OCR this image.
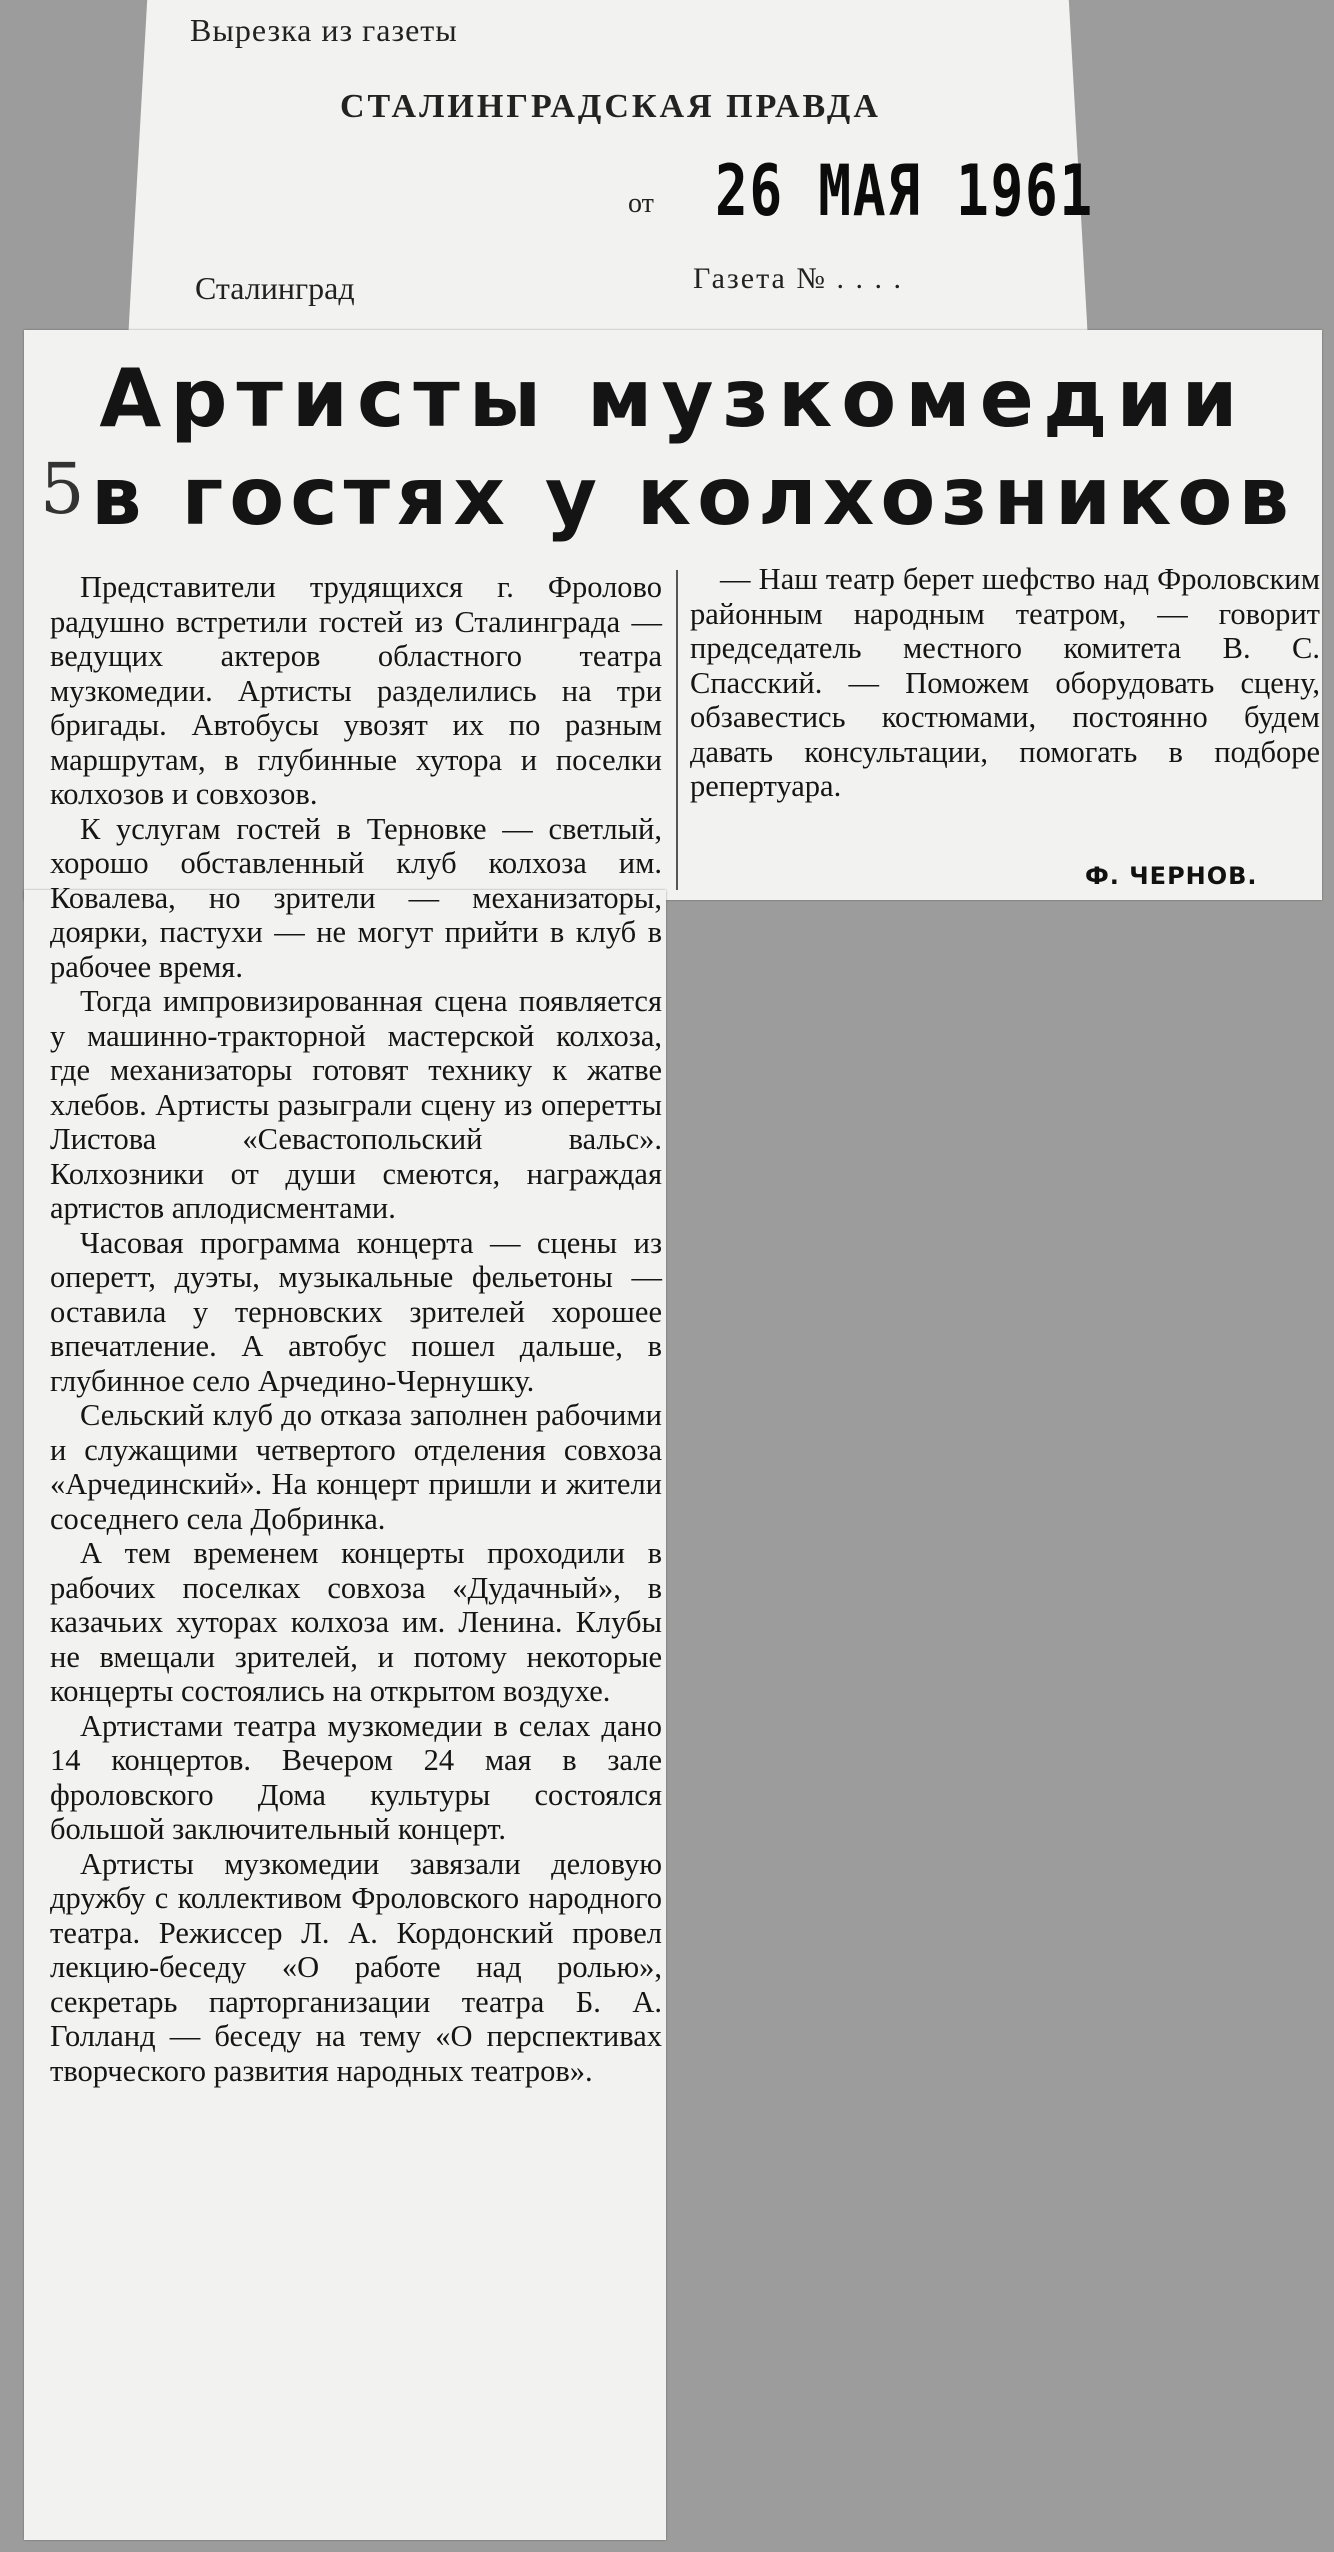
Вырезка из газеты
СТАЛИНГРАДСКАЯ ПРАВДА
от 26 МАЯ 1961
Сталинград	Газета № . . . .
5
Артисты музкомедии
в гостях у колхозников

Представители трудящихся г. Фролово радушно встретили гостей из Сталинграда — ведущих актеров областного театра музкомедии. Артисты разделились на три бригады. Автобусы увозят их по разным маршрутам, в глубинные хутора и поселки колхозов и совхозов.

К услугам гостей в Терновке — светлый, хорошо обставленный клуб колхоза им. Ковалева, но зрители — механизаторы, доярки, пастухи — не могут прийти в клуб в рабочее время.

Тогда импровизированная сцена появляется у машинно-тракторной мастерской колхоза, где механизаторы готовят технику к жатве хлебов. Артисты разыграли сцену из оперетты Листова «Севастопольский вальс». Колхозники от души смеются, награждая артистов аплодисментами.

Часовая программа концерта — сцены из оперетт, дуэты, музыкальные фельетоны — оставила у терновских зрителей хорошее впечатление. А автобус пошел дальше, в глубинное село Арчедино-Чернушку.

Сельский клуб до отказа заполнен рабочими и служащими четвертого отделения совхоза «Арчединский». На концерт пришли и жители соседнего села Добринка.

А тем временем концерты проходили в рабочих поселках совхоза «Дудачный», в казачьих хуторах колхоза им. Ленина. Клубы не вмещали зрителей, и потому некоторые концерты состоялись на открытом воздухе.

Артистами театра музкомедии в селах дано 14 концертов. Вечером 24 мая в зале фроловского Дома культуры состоялся большой заключительный концерт.

Артисты музкомедии завязали деловую дружбу с коллективом Фроловского народного театра. Режиссер Л. А. Кордонский провел лекцию-беседу «О работе над ролью», секретарь парторганизации театра Б. А. Голланд — беседу на тему «О перспективах творческого развития народных театров».

— Наш театр берет шефство над Фроловским районным народным театром, — говорит председатель местного комитета В. С. Спасский. — Поможем оборудовать сцену, обзавестись костюмами, постоянно будем давать консультации, помогать в подборе репертуара.

Ф. ЧЕРНОВ.
